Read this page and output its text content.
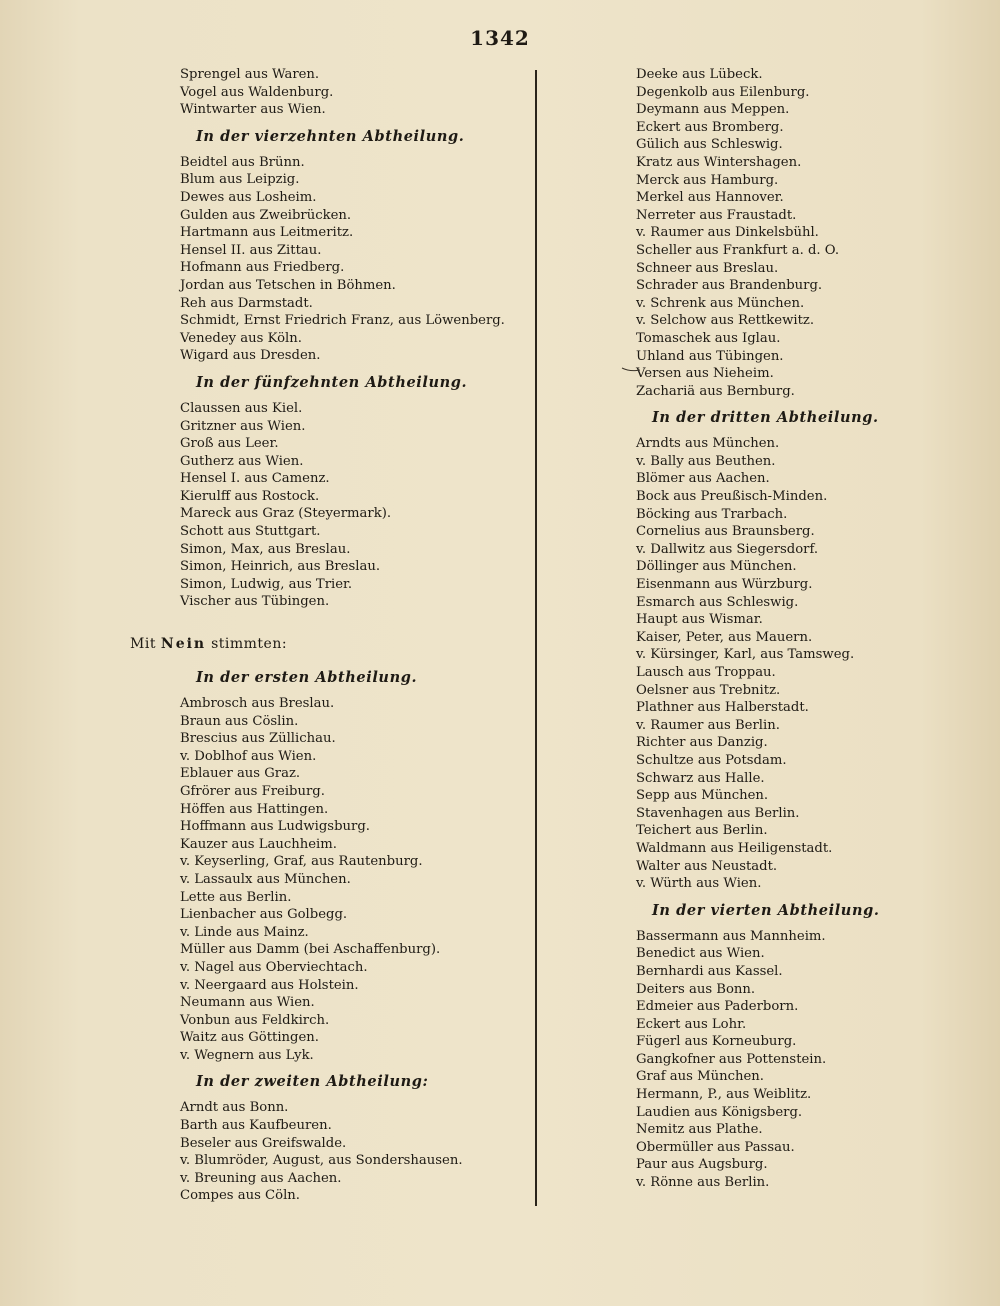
1342
Sprengel aus Waren.
Vogel aus Waldenburg.
Wintwarter aus Wien.
In der vierzehnten Abtheilung.
Beidtel aus Brünn.
Blum aus Leipzig.
Dewes aus Losheim.
Gulden aus Zweibrücken.
Hartmann aus Leitmeritz.
Hensel II. aus Zittau.
Hofmann aus Friedberg.
Jordan aus Tetschen in Böhmen.
Reh aus Darmstadt.
Schmidt, Ernst Friedrich Franz, aus Löwenberg.
Venedey aus Köln.
Wigard aus Dresden.
In der fünfzehnten Abtheilung.
Claussen aus Kiel.
Gritzner aus Wien.
Groß aus Leer.
Gutherz aus Wien.
Hensel I. aus Camenz.
Kierulff aus Rostock.
Mareck aus Graz (Steyermark).
Schott aus Stuttgart.
Simon, Max, aus Breslau.
Simon, Heinrich, aus Breslau.
Simon, Ludwig, aus Trier.
Vischer aus Tübingen.
Mit Nein stimmten:
In der ersten Abtheilung.
Ambrosch aus Breslau.
Braun aus Cöslin.
Brescius aus Züllichau.
v. Doblhof aus Wien.
Eblauer aus Graz.
Gfrörer aus Freiburg.
Höffen aus Hattingen.
Hoffmann aus Ludwigsburg.
Kauzer aus Lauchheim.
v. Keyserling, Graf, aus Rautenburg.
v. Lassaulx aus München.
Lette aus Berlin.
Lienbacher aus Golbegg.
v. Linde aus Mainz.
Müller aus Damm (bei Aschaffenburg).
v. Nagel aus Oberviechtach.
v. Neergaard aus Holstein.
Neumann aus Wien.
Vonbun aus Feldkirch.
Waitz aus Göttingen.
v. Wegnern aus Lyk.
In der zweiten Abtheilung:
Arndt aus Bonn.
Barth aus Kaufbeuren.
Beseler aus Greifswalde.
v. Blumröder, August, aus Sondershausen.
v. Breuning aus Aachen.
Compes aus Cöln.
Deeke aus Lübeck.
Degenkolb aus Eilenburg.
Deymann aus Meppen.
Eckert aus Bromberg.
Gülich aus Schleswig.
Kratz aus Wintershagen.
Merck aus Hamburg.
Merkel aus Hannover.
Nerreter aus Fraustadt.
v. Raumer aus Dinkelsbühl.
Scheller aus Frankfurt a. d. O.
Schneer aus Breslau.
Schrader aus Brandenburg.
v. Schrenk aus München.
v. Selchow aus Rettkewitz.
Tomaschek aus Iglau.
Uhland aus Tübingen.
Versen aus Nieheim.
Zachariä aus Bernburg.
In der dritten Abtheilung.
Arndts aus München.
v. Bally aus Beuthen.
Blömer aus Aachen.
Bock aus Preußisch-Minden.
Böcking aus Trarbach.
Cornelius aus Braunsberg.
v. Dallwitz aus Siegersdorf.
Döllinger aus München.
Eisenmann aus Würzburg.
Esmarch aus Schleswig.
Haupt aus Wismar.
Kaiser, Peter, aus Mauern.
v. Kürsinger, Karl, aus Tamsweg.
Lausch aus Troppau.
Oelsner aus Trebnitz.
Plathner aus Halberstadt.
v. Raumer aus Berlin.
Richter aus Danzig.
Schultze aus Potsdam.
Schwarz aus Halle.
Sepp aus München.
Stavenhagen aus Berlin.
Teichert aus Berlin.
Waldmann aus Heiligenstadt.
Walter aus Neustadt.
v. Würth aus Wien.
In der vierten Abtheilung.
Bassermann aus Mannheim.
Benedict aus Wien.
Bernhardi aus Kassel.
Deiters aus Bonn.
Edmeier aus Paderborn.
Eckert aus Lohr.
Fügerl aus Korneuburg.
Gangkofner aus Pottenstein.
Graf aus München.
Hermann, P., aus Weiblitz.
Laudien aus Königsberg.
Nemitz aus Plathe.
Obermüller aus Passau.
Paur aus Augsburg.
v. Rönne aus Berlin.
